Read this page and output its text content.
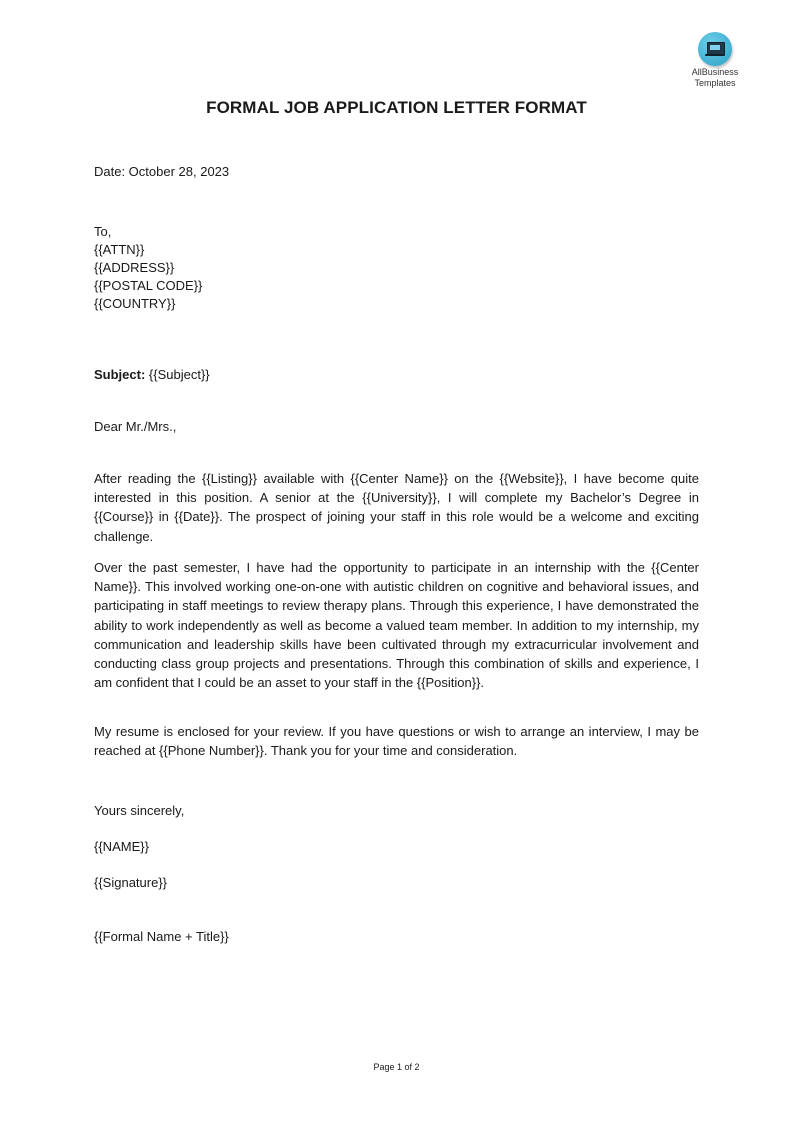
AllBusiness
Templates
FORMAL JOB APPLICATION LETTER FORMAT
Date: October 28, 2023
To,
{{ATTN}}
{{ADDRESS}}
{{POSTAL CODE}}
{{COUNTRY}}
Subject: {{Subject}}
Dear Mr./Mrs.,

After reading the {{Listing}} available with {{Center Name}} on the {{Website}}, I have become quite interested in this position. A senior at the {{University}}, I will complete my Bachelor’s Degree in {{Course}} in {{Date}}. The prospect of joining your staff in this role would be a welcome and exciting challenge.

Over the past semester, I have had the opportunity to participate in an internship with the {{Center Name}}. This involved working one-on-one with autistic children on cognitive and behavioral issues, and participating in staff meetings to review therapy plans. Through this experience, I have demonstrated the ability to work independently as well as become a valued team member. In addition to my internship, my communication and leadership skills have been cultivated through my extracurricular involvement and conducting class group projects and presentations. Through this combination of skills and experience, I am confident that I could be an asset to your staff in the {{Position}}.

My resume is enclosed for your review. If you have questions or wish to arrange an interview, I may be reached at {{Phone Number}}. Thank you for your time and consideration.

Yours sincerely,
{{NAME}}
{{Signature}}
{{Formal Name + Title}}
Page 1 of 2
